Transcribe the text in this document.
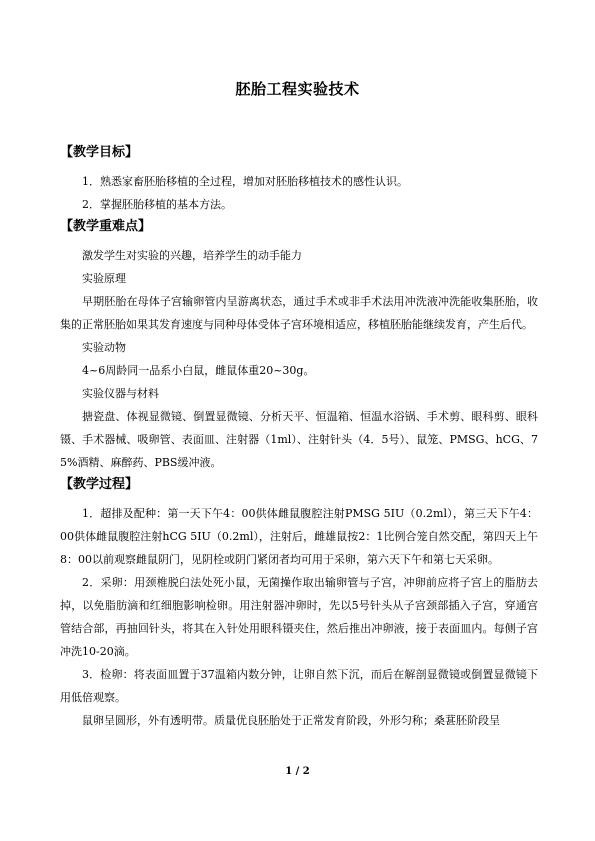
胚胎工程实验技术
【教学目标】

1．熟悉家畜胚胎移植的全过程，增加对胚胎移植技术的感性认识。

2．掌握胚胎移植的基本方法。

【教学重难点】

激发学生对实验的兴趣，培养学生的动手能力

实验原理

早期胚胎在母体子宫输卵管内呈游离状态，通过手术或非手术法用冲洗液冲洗能收集胚胎，收集的正常胚胎如果其发育速度与同种母体受体子宫环境相适应，移植胚胎能继续发育，产生后代。

实验动物

4~6周龄同一品系小白鼠，雌鼠体重20~30g。

实验仪器与材料

搪瓷盘、体视显微镜、倒置显微镜、分析天平、恒温箱、恒温水浴锅、手术剪、眼科剪、眼科镊、手术器械、吸卵管、表面皿、注射器（1ml）、注射针头（4．5号）、鼠笼、PMSG、hCG、75%酒精、麻醉药、PBS缓冲液。

【教学过程】

1．超排及配种：第一天下午4：00供体雌鼠腹腔注射PMSG 5IU（0.2ml），第三天下午4：00供体雌鼠腹腔注射hCG 5IU（0.2ml），注射后，雌雄鼠按2：1比例合笼自然交配，第四天上午8：00以前观察雌鼠阴门，见阴栓或阴门紧闭者均可用于采卵，第六天下午和第七天采卵。

2．采卵：用颈椎脱臼法处死小鼠，无菌操作取出输卵管与子宫，冲卵前应将子宫上的脂肪去掉，以免脂肪滴和红细胞影响检卵。用注射器冲卵时，先以5号针头从子宫颈部插入子宫，穿通宫管结合部，再抽回针头，将其在入针处用眼科镊夹住，然后推出冲卵液，接于表面皿内。每侧子宫冲洗10-20滴。

3．检卵：将表面皿置于37温箱内数分钟，让卵自然下沉，而后在解剖显微镜或倒置显微镜下用低倍观察。

鼠卵呈圆形，外有透明带。质量优良胚胎处于正常发育阶段，外形匀称；桑葚胚阶段呈

1 / 2
